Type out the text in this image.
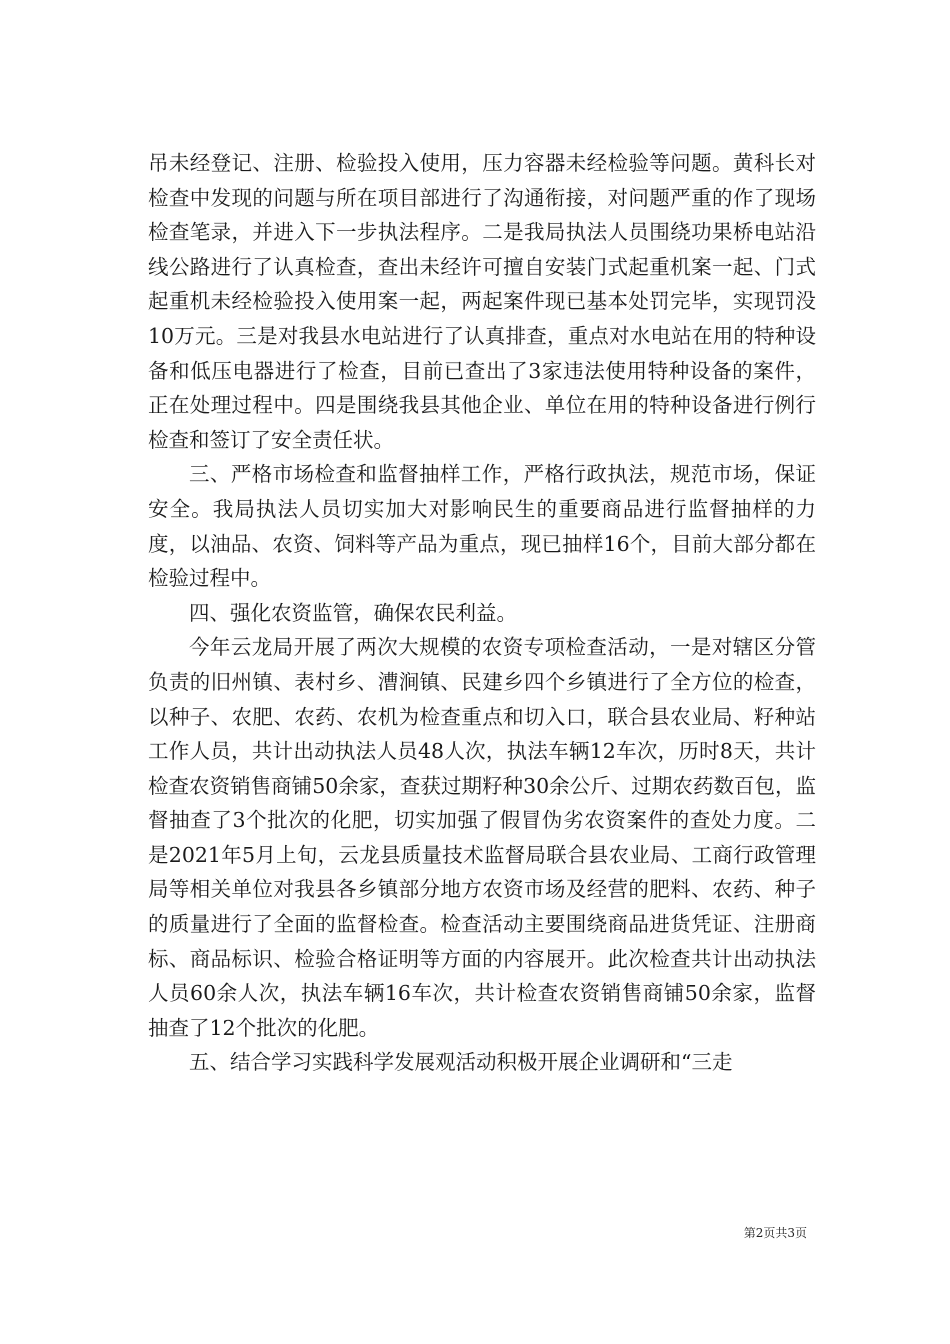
吊未经登记、注册、检验投入使用，压力容器未经检验等问题。黄科长对检查中发现的问题与所在项目部进行了沟通衔接，对问题严重的作了现场检查笔录，并进入下一步执法程序。二是我局执法人员围绕功果桥电站沿线公路进行了认真检查，查出未经许可擅自安装门式起重机案一起、门式起重机未经检验投入使用案一起，两起案件现已基本处罚完毕，实现罚没10万元。三是对我县水电站进行了认真排查，重点对水电站在用的特种设备和低压电器进行了检查，目前已查出了3家违法使用特种设备的案件，正在处理过程中。四是围绕我县其他企业、单位在用的特种设备进行例行检查和签订了安全责任状。

三、严格市场检查和监督抽样工作，严格行政执法，规范市场，保证安全。我局执法人员切实加大对影响民生的重要商品进行监督抽样的力度，以油品、农资、饲料等产品为重点，现已抽样16个，目前大部分都在检验过程中。

四、强化农资监管，确保农民利益。

今年云龙局开展了两次大规模的农资专项检查活动，一是对辖区分管负责的旧州镇、表村乡、漕涧镇、民建乡四个乡镇进行了全方位的检查，以种子、农肥、农药、农机为检查重点和切入口，联合县农业局、籽种站工作人员，共计出动执法人员48人次，执法车辆12车次，历时8天，共计检查农资销售商铺50余家，查获过期籽种30余公斤、过期农药数百包，监督抽查了3个批次的化肥，切实加强了假冒伪劣农资案件的查处力度。二是2021年5月上旬，云龙县质量技术监督局联合县农业局、工商行政管理局等相关单位对我县各乡镇部分地方农资市场及经营的肥料、农药、种子的质量进行了全面的监督检查。检查活动主要围绕商品进货凭证、注册商标、商品标识、检验合格证明等方面的内容展开。此次检查共计出动执法人员60余人次，执法车辆16车次，共计检查农资销售商铺50余家，监督抽查了12个批次的化肥。

五、结合学习实践科学发展观活动积极开展企业调研和“三走

第2页共3页
